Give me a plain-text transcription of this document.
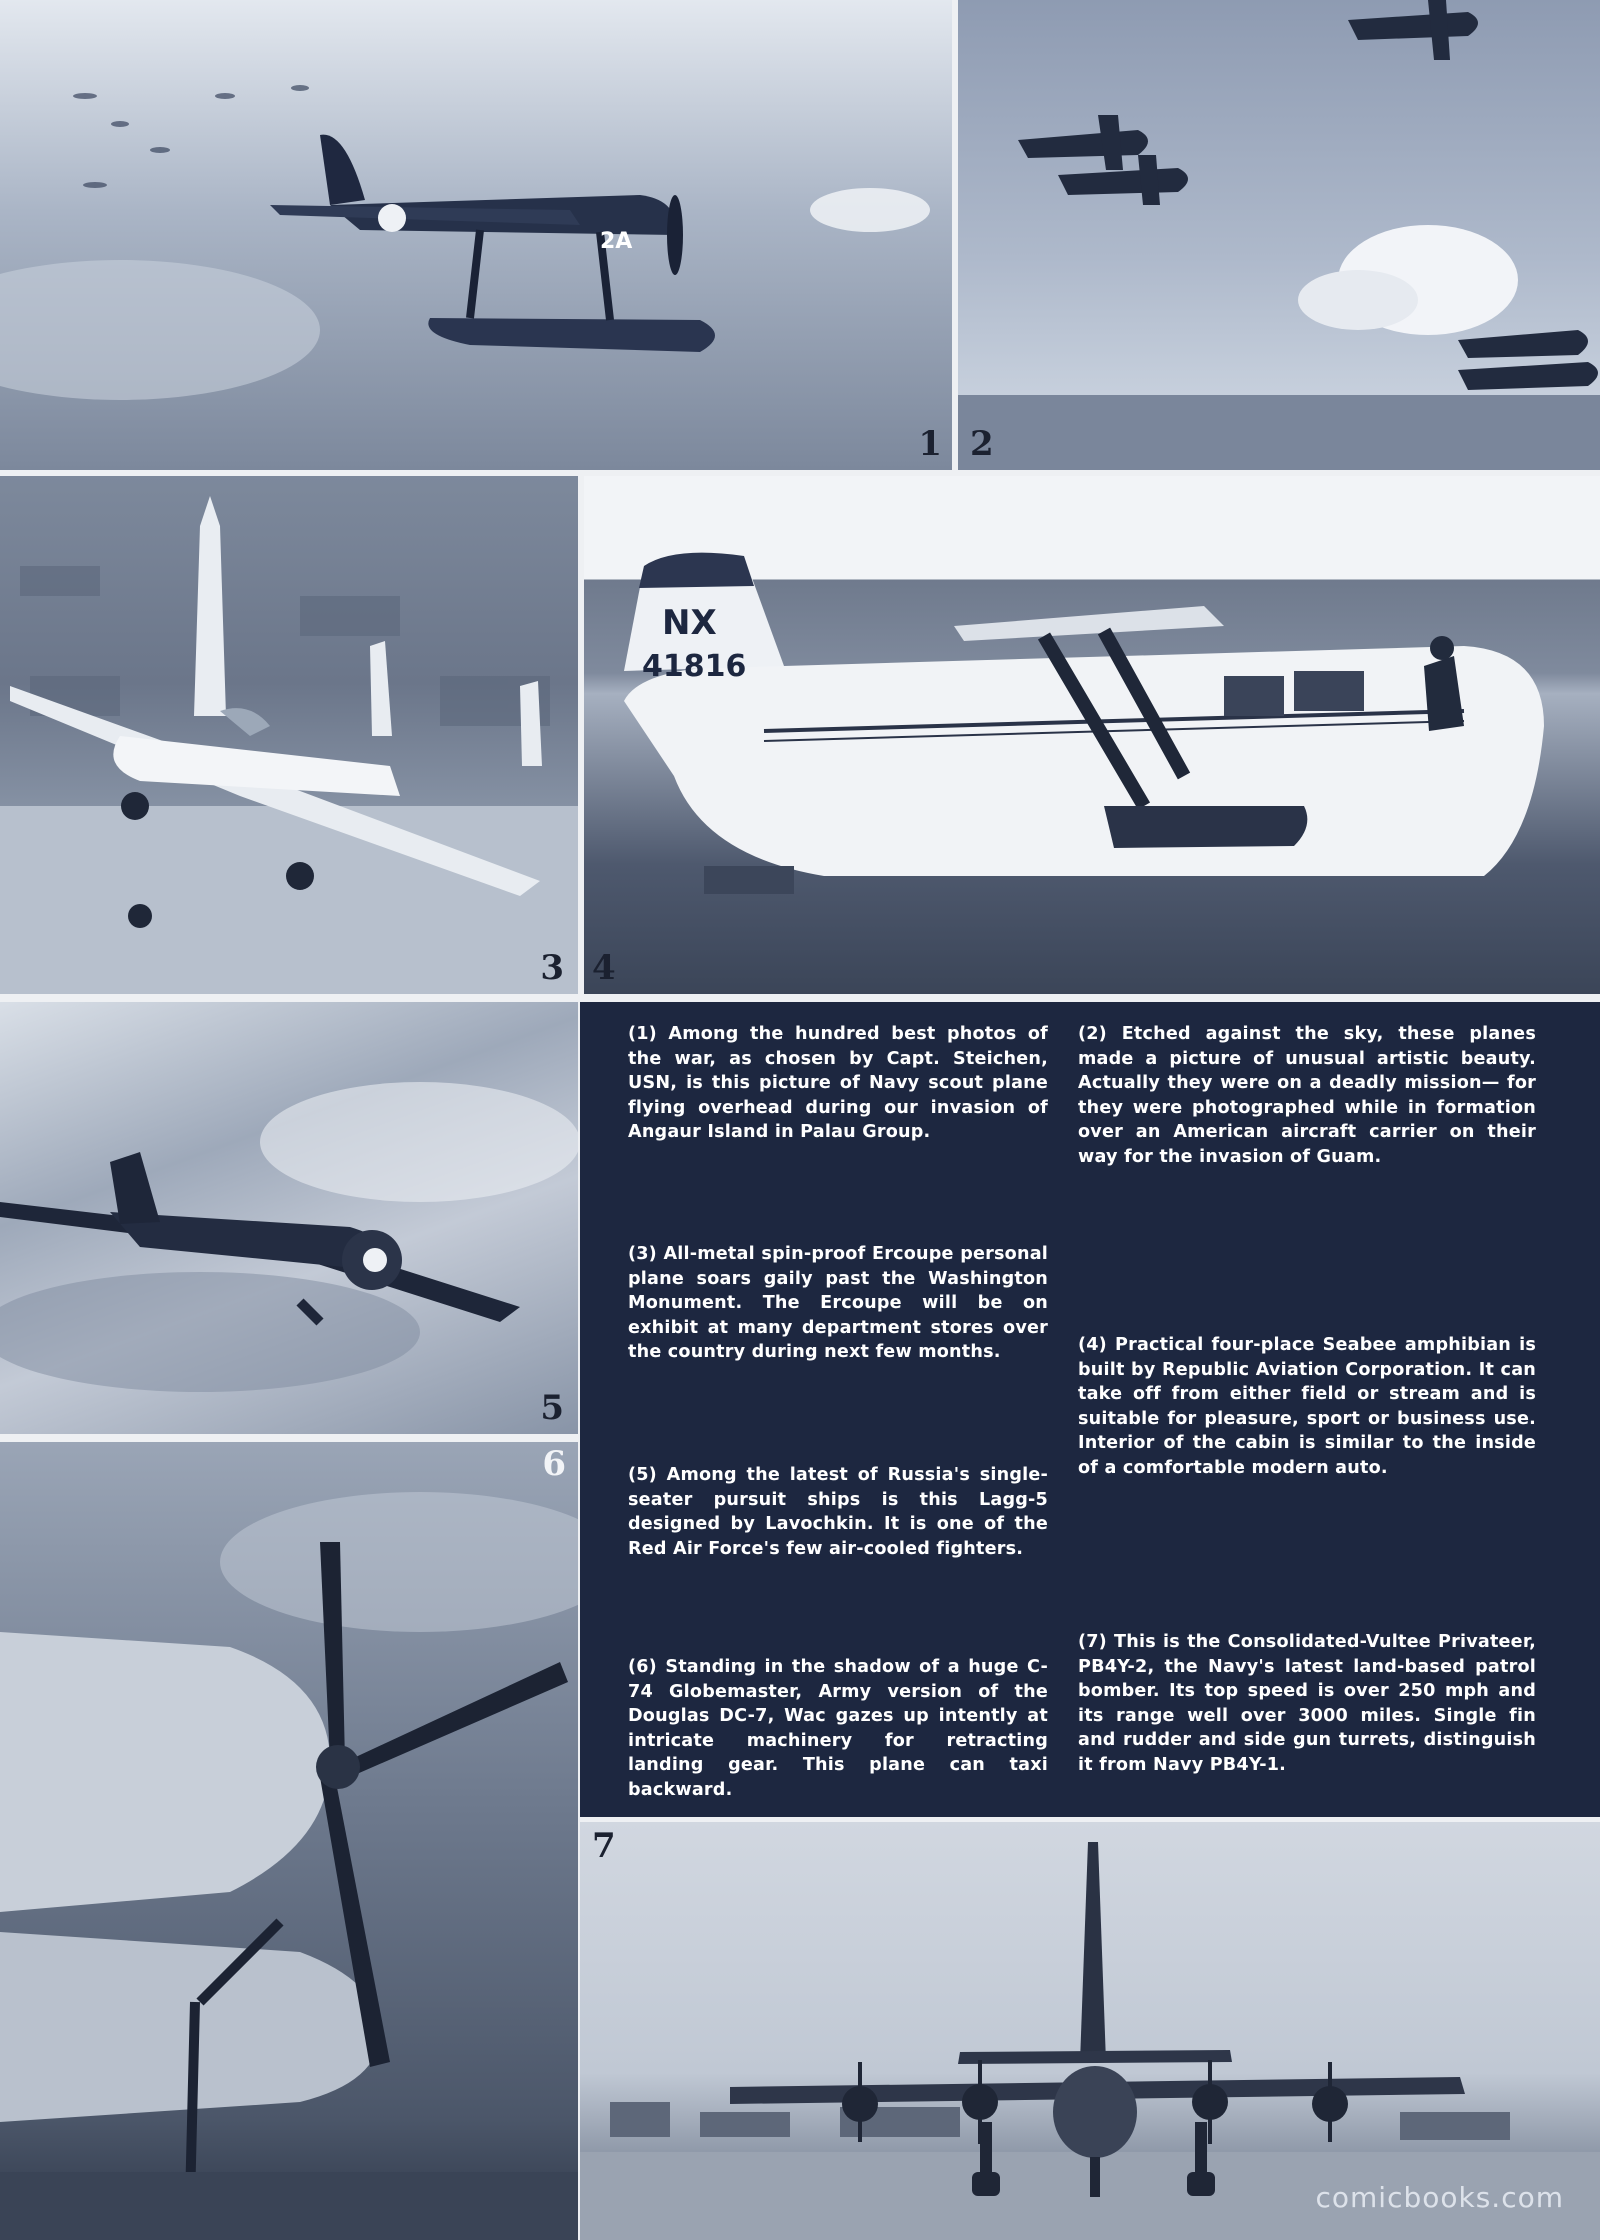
2A
1 2
3
NX
41816
4
5
6

(1) Among the hundred best photos of the war, as chosen by Capt. Steichen, USN, is this picture of Navy scout plane flying overhead during our invasion of Angaur Island in Palau Group.

(2) Etched against the sky, these planes made a picture of unusual artistic beauty. Actually they were on a deadly mission— for they were photographed while in formation over an American aircraft carrier on their way for the invasion of Guam.

(3) All-metal spin-proof Ercoupe personal plane soars gaily past the Washington Monument. The Ercoupe will be on exhibit at many department stores over the country during next few months.	(4) Practical four-place Seabee amphibian is built by Republic Aviation Corporation. It can take off from either field or stream and is suitable for pleasure, sport or business use. Interior of the cabin is similar to the inside of a comfortable modern auto.

(5) Among the latest of Russia's single-seater pursuit ships is this Lagg-5 designed by Lavochkin. It is one of the Red Air Force's few air-cooled fighters.

(6) Standing in the shadow of a huge C-74 Globemaster, Army version of the Douglas DC-7, Wac gazes up intently at intricate machinery for retracting landing gear. This plane can taxi backward.

(7) This is the Consolidated-Vultee Privateer, PB4Y-2, the Navy's latest land-based patrol bomber. Its top speed is over 250 mph and its range well over 3000 miles. Single fin and rudder and side gun turrets, distinguish it from Navy PB4Y-1.

7
comicbooks.com
